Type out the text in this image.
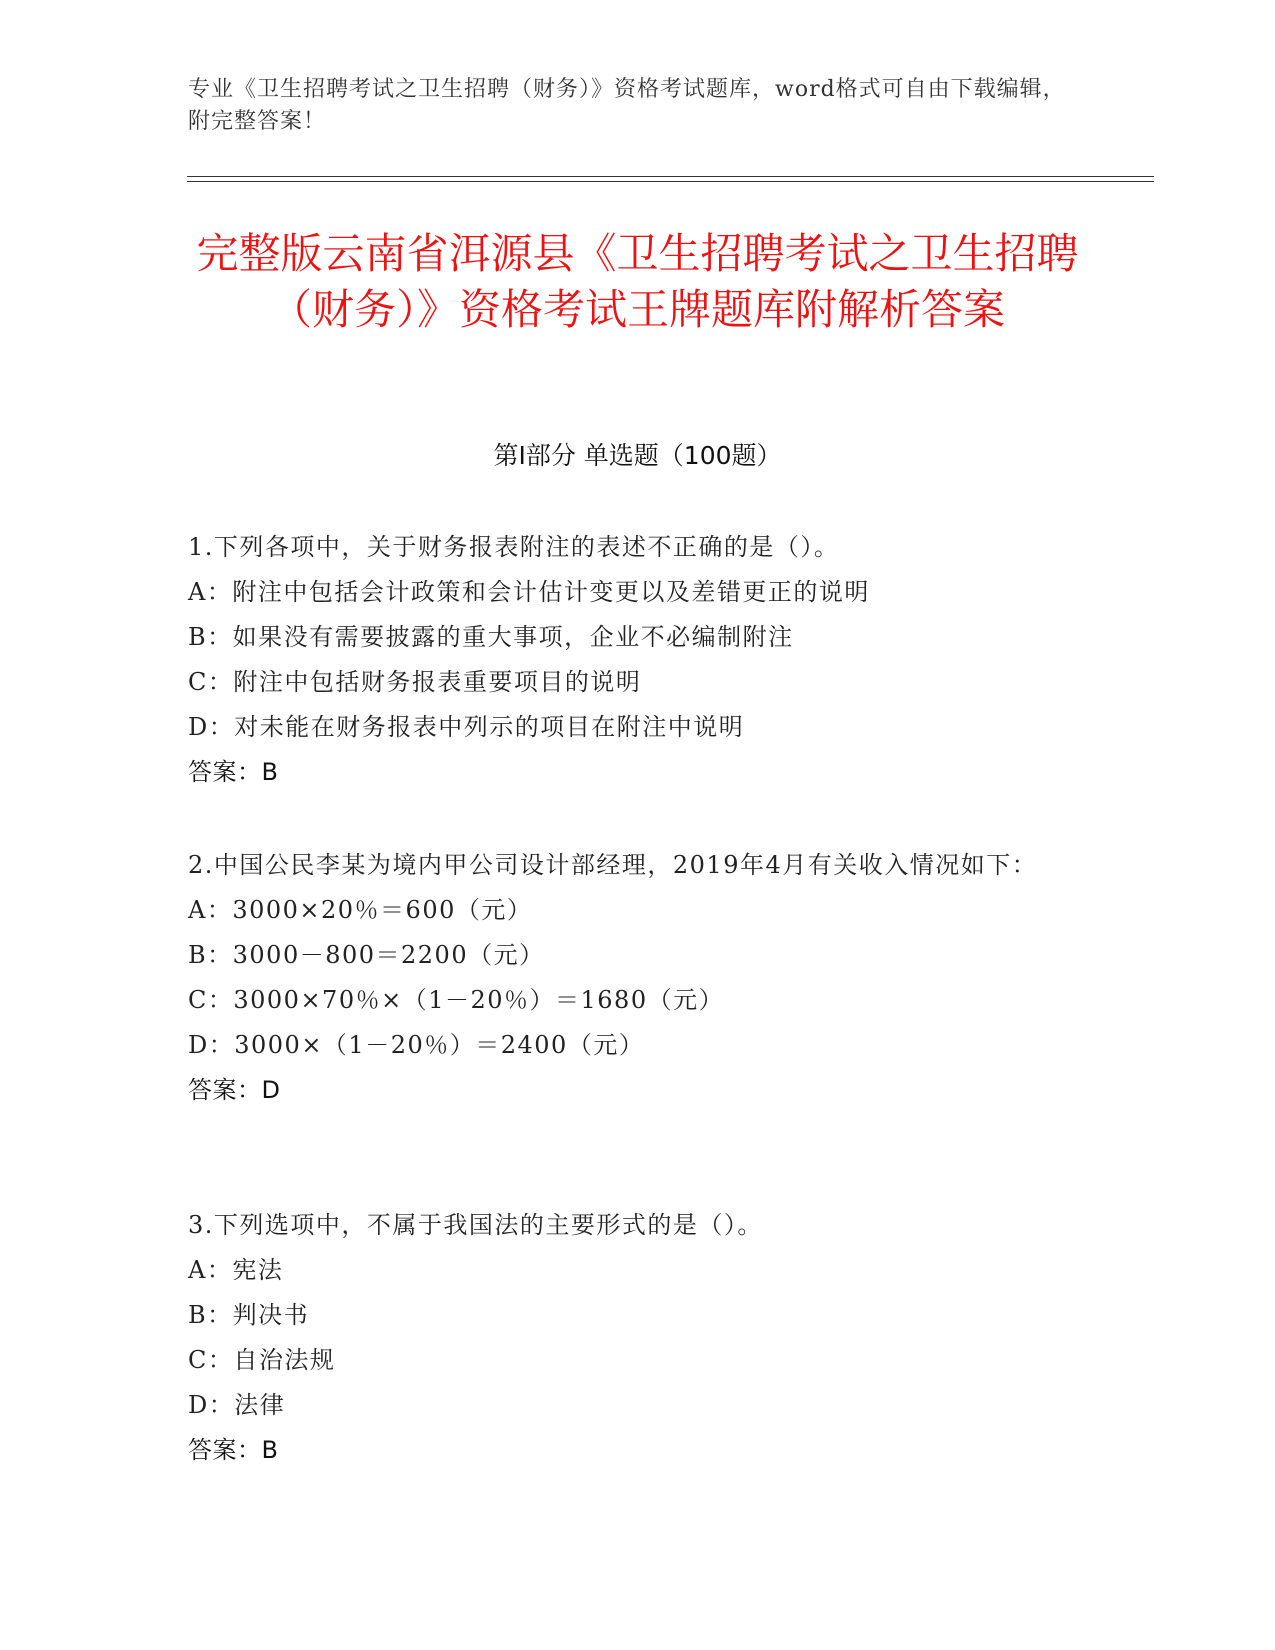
专业《卫生招聘考试之卫生招聘（财务）》资格考试题库，word格式可自由下载编辑，附完整答案！
完整版云南省洱源县《卫生招聘考试之卫生招聘（财务）》资格考试王牌题库附解析答案
第I部分 单选题（100题）
1.下列各项中，关于财务报表附注的表述不正确的是（）。
A：附注中包括会计政策和会计估计变更以及差错更正的说明
B：如果没有需要披露的重大事项，企业不必编制附注
C：附注中包括财务报表重要项目的说明
D：对未能在财务报表中列示的项目在附注中说明
答案：B
2.中国公民李某为境内甲公司设计部经理，2019年4月有关收入情况如下：
A：3000×20％＝600（元）
B：3000－800＝2200（元）
C：3000×70％×（1－20％）＝1680（元）
D：3000×（1－20％）＝2400（元）
答案：D
3.下列选项中，不属于我国法的主要形式的是（）。
A：宪法
B：判决书
C：自治法规
D：法律
答案：B
